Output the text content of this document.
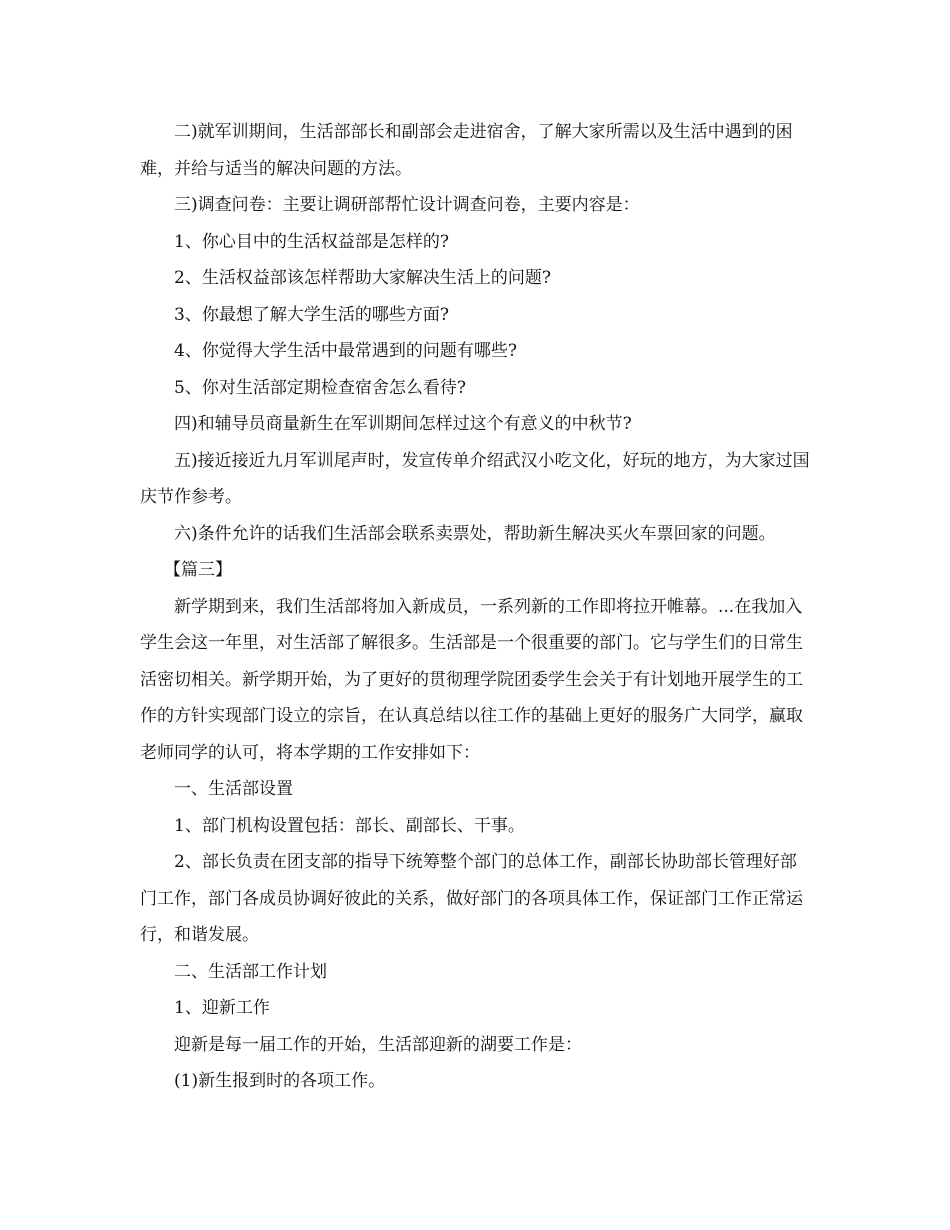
二)就军训期间，生活部部长和副部会走进宿舍，了解大家所需以及生活中遇到的困难，并给与适当的解决问题的方法。

三)调查问卷：主要让调研部帮忙设计调查问卷，主要内容是：

1、你心目中的生活权益部是怎样的?

2、生活权益部该怎样帮助大家解决生活上的问题?

3、你最想了解大学生活的哪些方面?

4、你觉得大学生活中最常遇到的问题有哪些?

5、你对生活部定期检查宿舍怎么看待?

四)和辅导员商量新生在军训期间怎样过这个有意义的中秋节?

五)接近接近九月军训尾声时，发宣传单介绍武汉小吃文化，好玩的地方，为大家过国庆节作参考。

六)条件允许的话我们生活部会联系卖票处，帮助新生解决买火车票回家的问题。

【篇三】

新学期到来，我们生活部将加入新成员，一系列新的工作即将拉开帷幕。...在我加入学生会这一年里，对生活部了解很多。生活部是一个很重要的部门。它与学生们的日常生活密切相关。新学期开始，为了更好的贯彻理学院团委学生会关于有计划地开展学生的工作的方针实现部门设立的宗旨，在认真总结以往工作的基础上更好的服务广大同学，赢取老师同学的认可，将本学期的工作安排如下：

一、生活部设置

1、部门机构设置包括：部长、副部长、干事。

2、部长负责在团支部的指导下统筹整个部门的总体工作，副部长协助部长管理好部门工作，部门各成员协调好彼此的关系，做好部门的各项具体工作，保证部门工作正常运行，和谐发展。

二、生活部工作计划

1、迎新工作

迎新是每一届工作的开始，生活部迎新的湖要工作是：

(1)新生报到时的各项工作。
